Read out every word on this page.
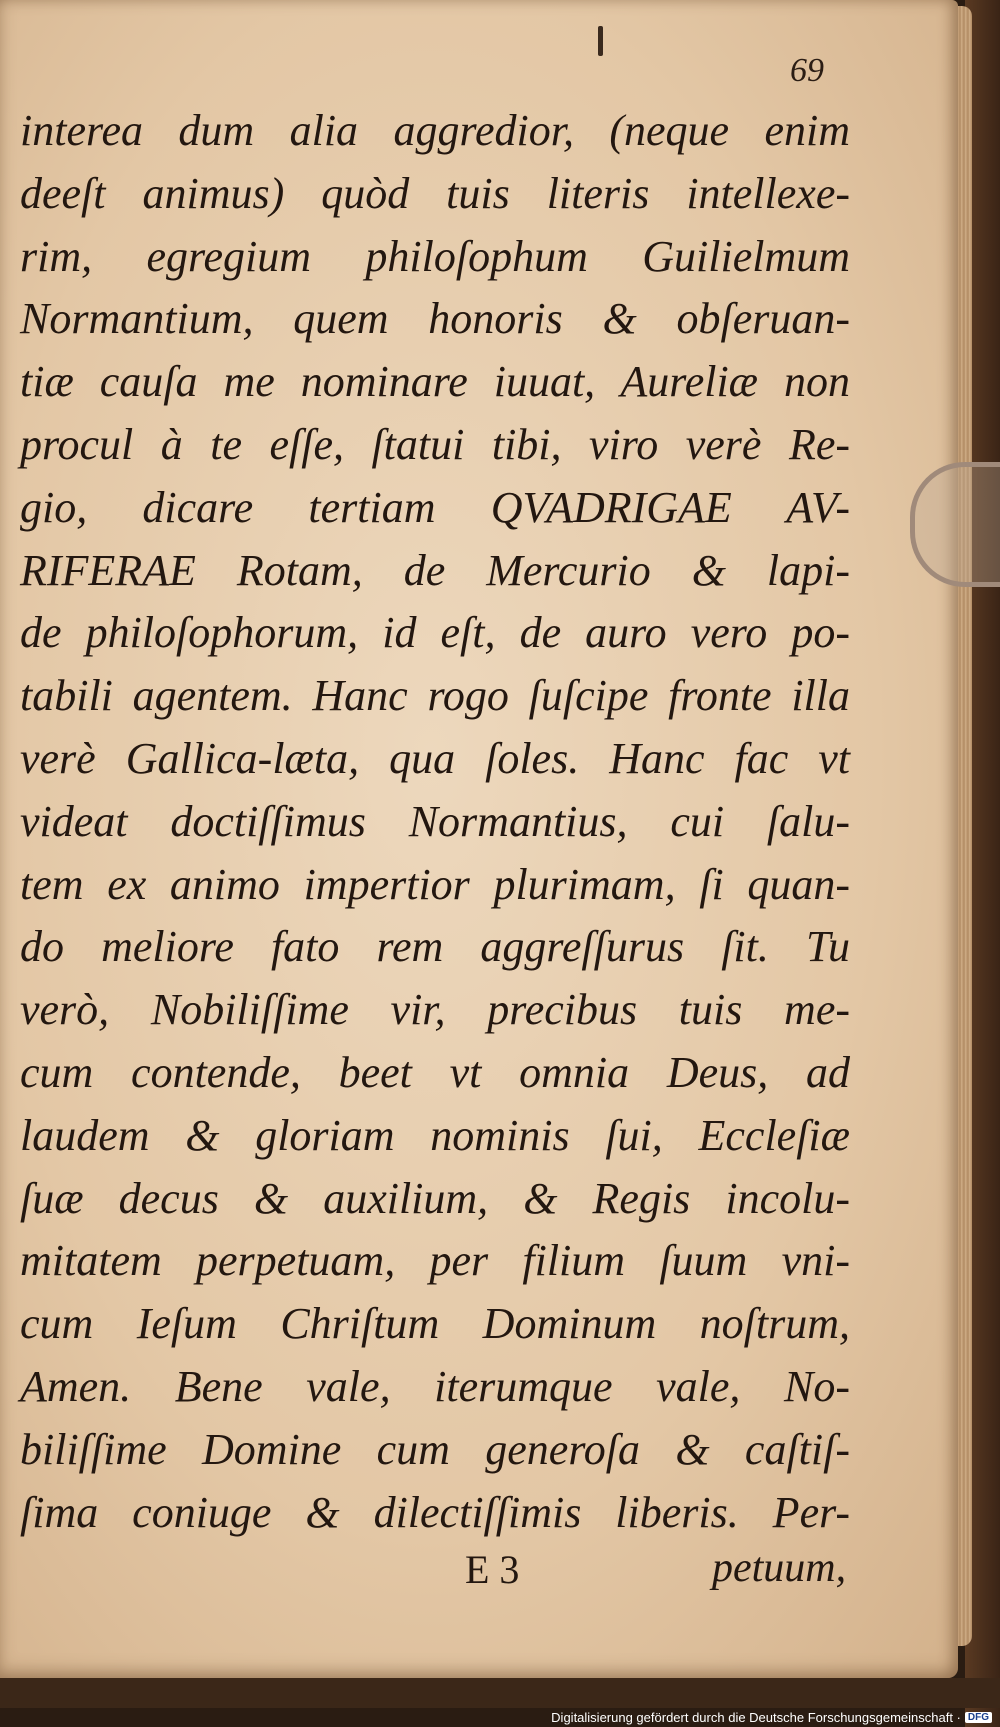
69
interea dum alia aggredior, (neque enim
deeſt animus) quòd tuis literis intellexe-
rim, egregium philoſophum Guilielmum
Normantium, quem honoris & obſeruan-
tiæ cauſa me nominare iuuat, Aureliæ non
procul à te eſſe, ſtatui tibi, viro verè Re-
gio, dicare tertiam QVADRIGAE AV-
RIFERAE Rotam, de Mercurio & lapi-
de philoſophorum, id eſt, de auro vero po-
tabili agentem. Hanc rogo ſuſcipe fronte illa
verè Gallica-læta, qua ſoles. Hanc fac vt
videat doctiſſimus Normantius, cui ſalu-
tem ex animo impertior plurimam, ſi quan-
do meliore fato rem aggreſſurus ſit. Tu
verò, Nobiliſſime vir, precibus tuis me-
cum contende, beet vt omnia Deus, ad
laudem & gloriam nominis ſui, Eccleſiæ
ſuæ decus & auxilium, & Regis incolu-
mitatem perpetuam, per filium ſuum vni-
cum Ieſum Chriſtum Dominum noſtrum,
Amen. Bene vale, iterumque vale, No-
biliſſime Domine cum generoſa & caſtiſ-
ſima coniuge & dilectiſſimis liberis. Per-
E 3	petuum,
Digitalisierung gefördert durch die Deutsche Forschungsgemeinschaft · DFG
